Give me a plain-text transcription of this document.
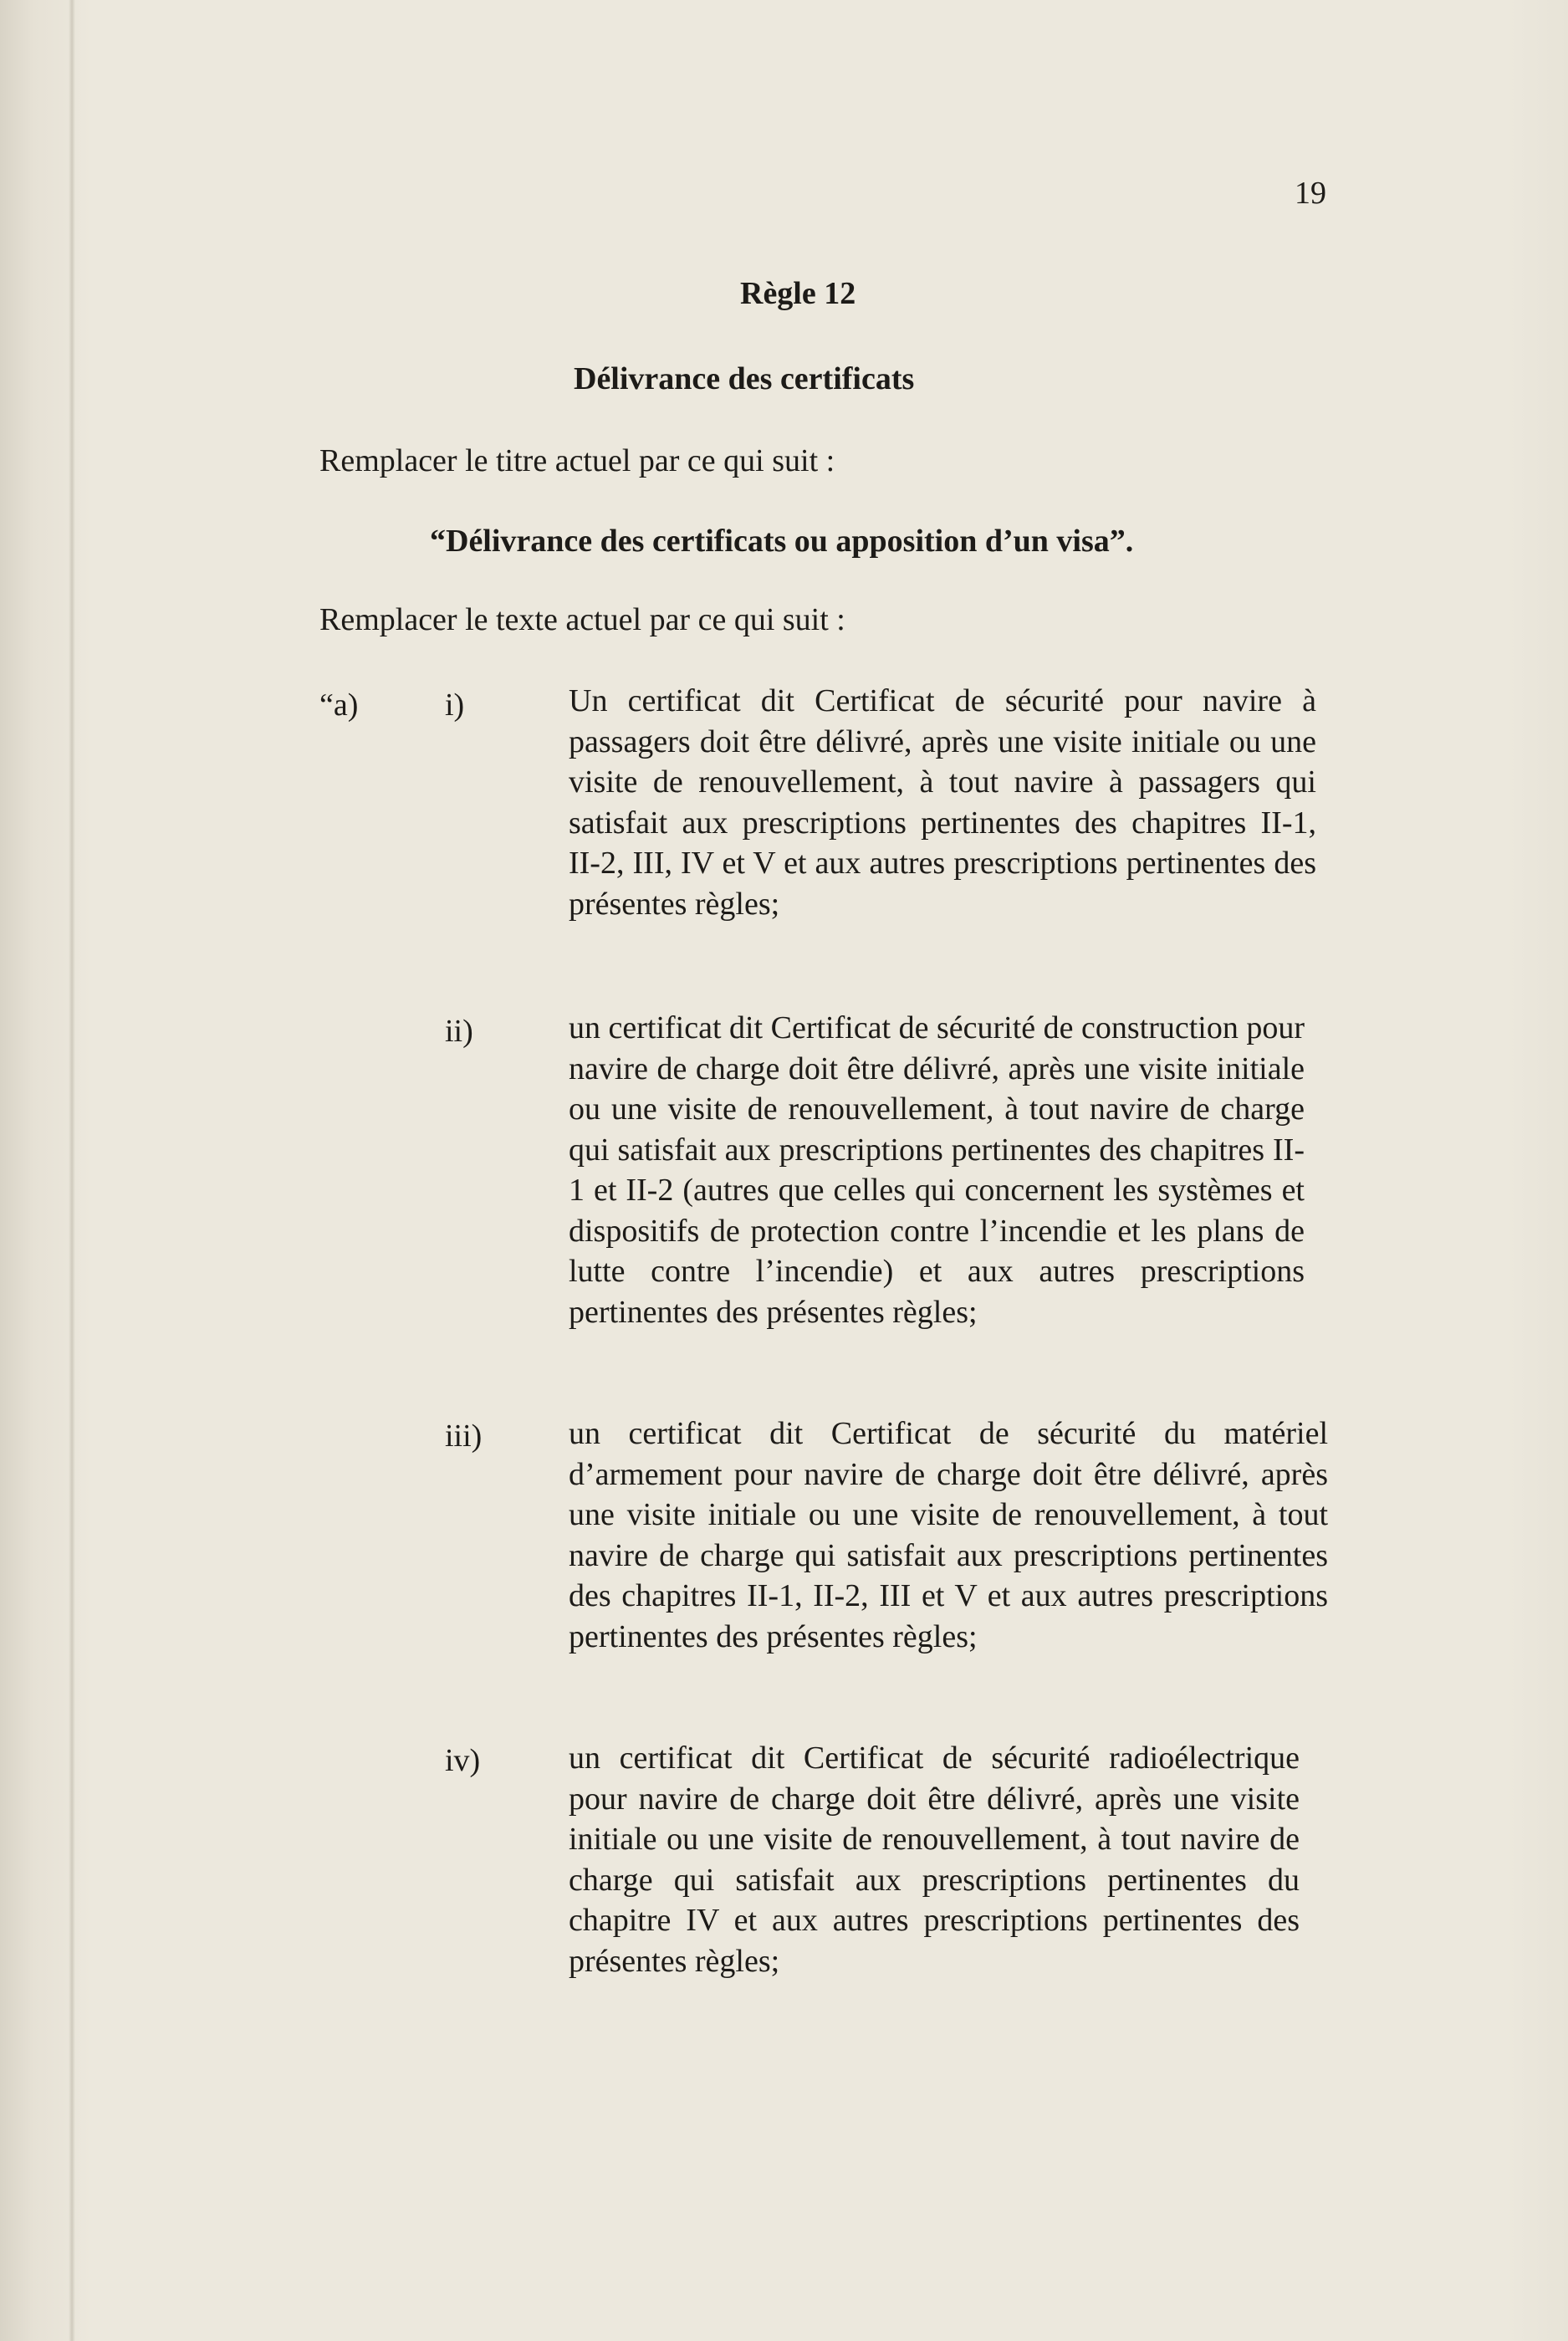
19
Règle 12
Délivrance des certificats
Remplacer le titre actuel par ce qui suit :
“Délivrance des certificats ou apposition d’un visa”.
Remplacer le texte actuel par ce qui suit :
“a)	i)	Un certificat dit Certificat de sécurité pour navire à passagers doit être délivré, après une visite initiale ou une visite de renouvellement, à tout navire à passagers qui satisfait aux prescriptions pertinentes des chapitres II-1, II-2, III, IV et V et aux autres prescriptions pertinentes des présentes règles;
ii)	un certificat dit Certificat de sécurité de construction pour navire de charge doit être délivré, après une visite initiale ou une visite de renouvellement, à tout navire de charge qui satisfait aux prescriptions pertinentes des chapitres II-1 et II-2 (autres que celles qui concernent les systèmes et dispositifs de protection contre l’incendie et les plans de lutte contre l’incendie) et aux autres prescriptions pertinentes des présentes règles;
iii)	un certificat dit Certificat de sécurité du matériel d’armement pour navire de charge doit être délivré, après une visite initiale ou une visite de renouvellement, à tout navire de charge qui satisfait aux prescriptions pertinentes des chapitres II-1, II-2, III et V et aux autres prescriptions pertinentes des présentes règles;
iv)	un certificat dit Certificat de sécurité radioélectrique pour navire de charge doit être délivré, après une visite initiale ou une visite de renouvellement, à tout navire de charge qui satisfait aux prescriptions pertinentes du chapitre IV et aux autres prescriptions pertinentes des présentes règles;
